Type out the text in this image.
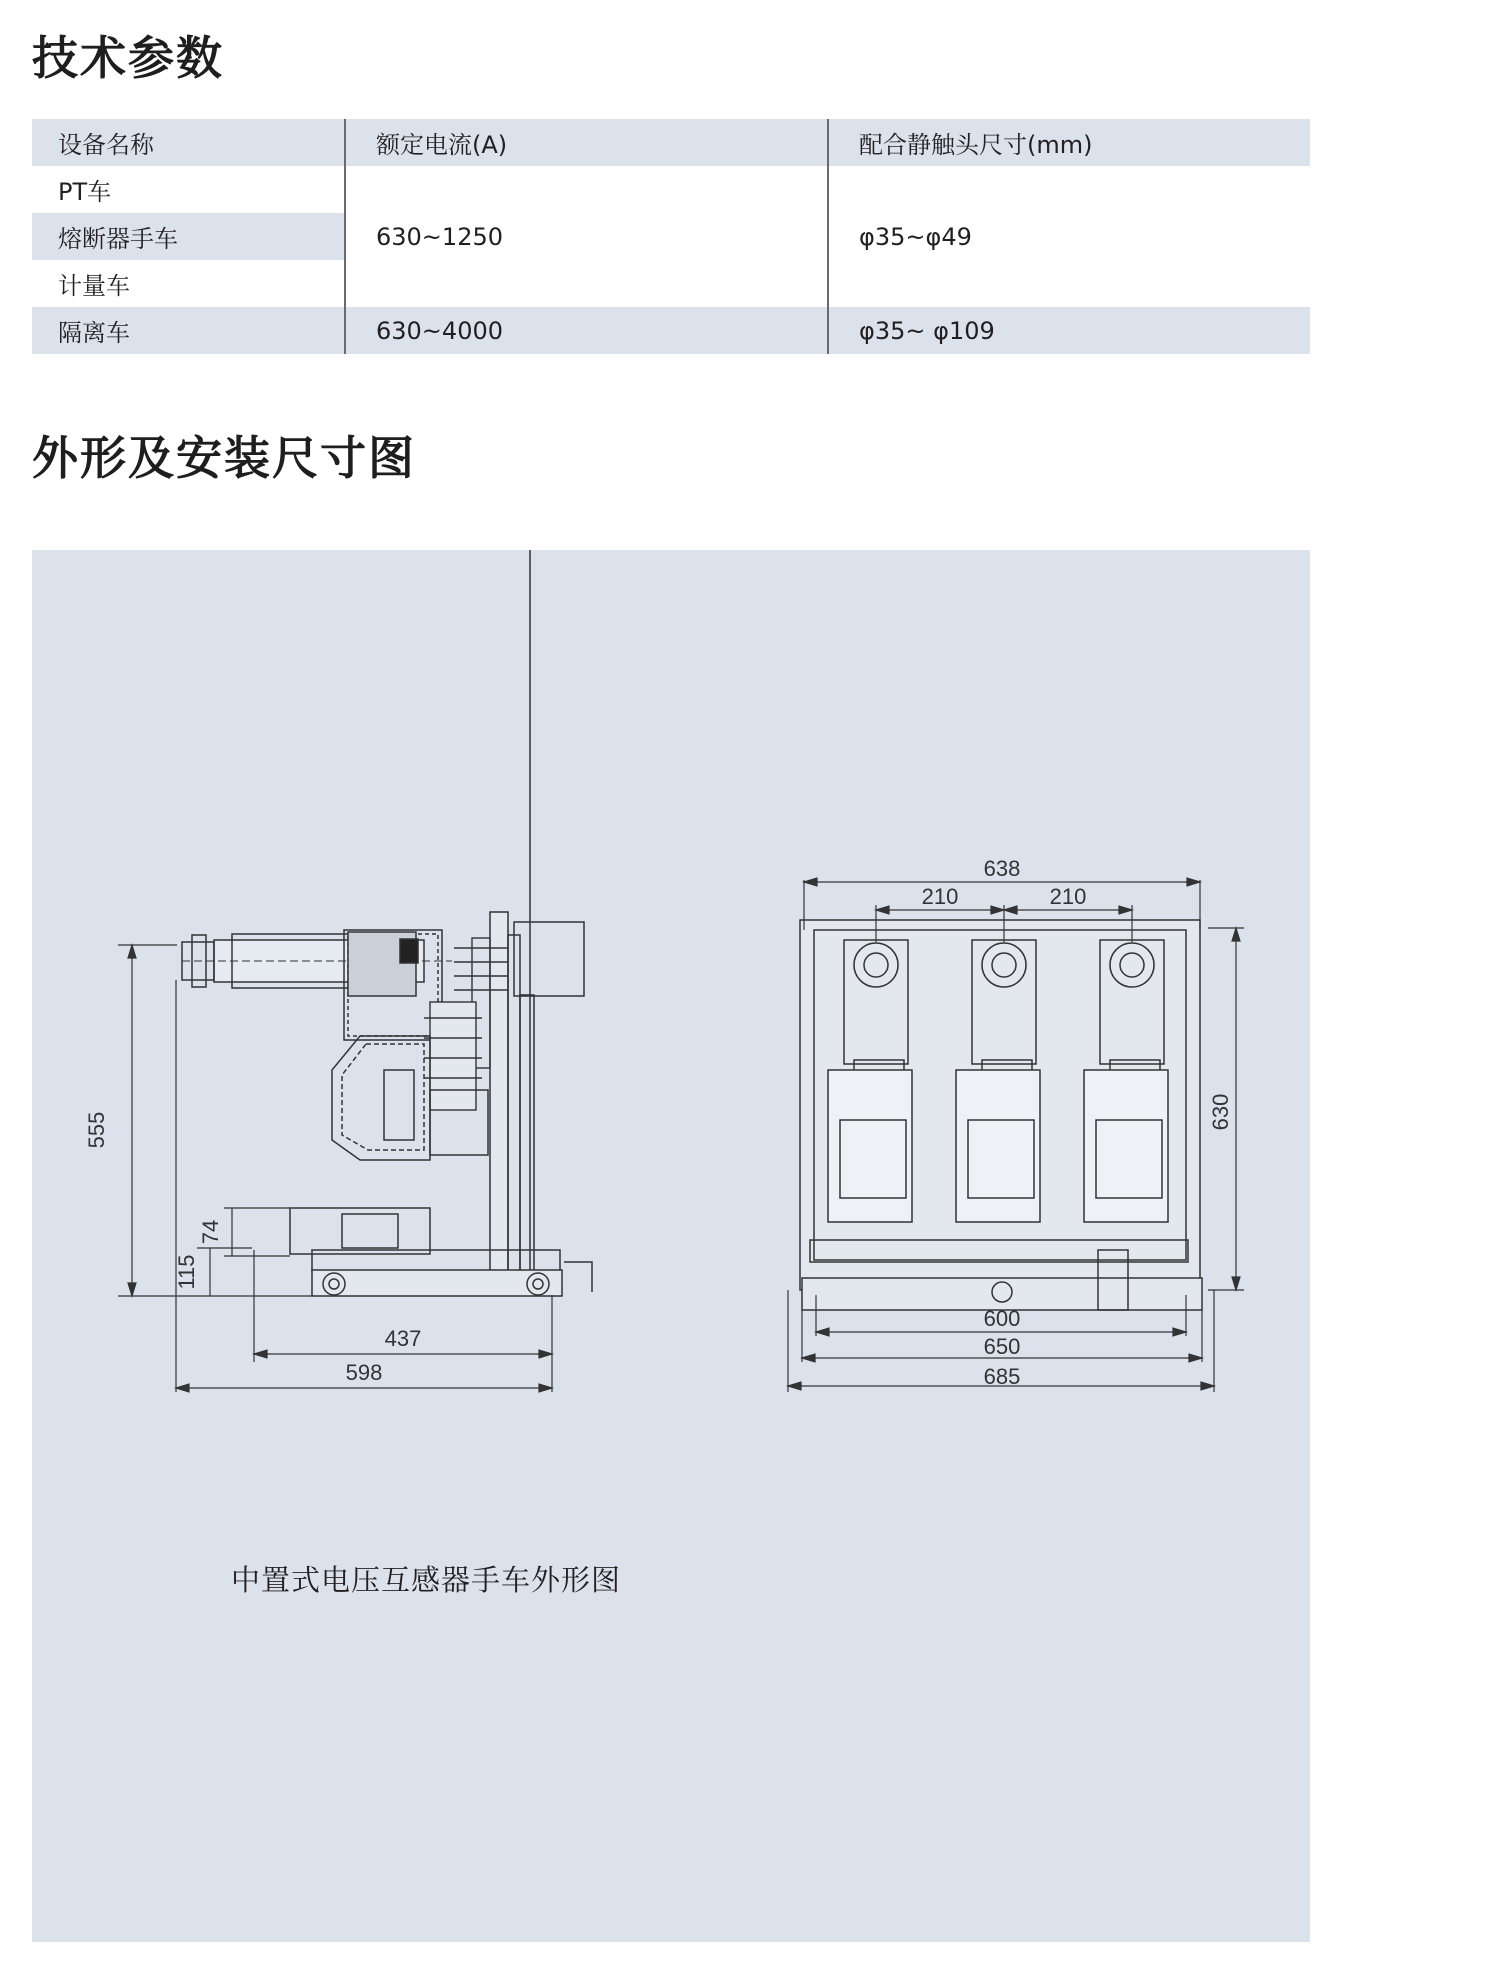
技术参数
设备名称	额定电流(A)	配合静触头尺寸(mm)
PT车	630~1250	φ35~φ49
熔断器手车		
计量车		
隔离车	630~4000	φ35~ φ109
外形及安装尺寸图
555
74
115
437
598
638
210	210
630
600
650
685
中置式电压互感器手车外形图
